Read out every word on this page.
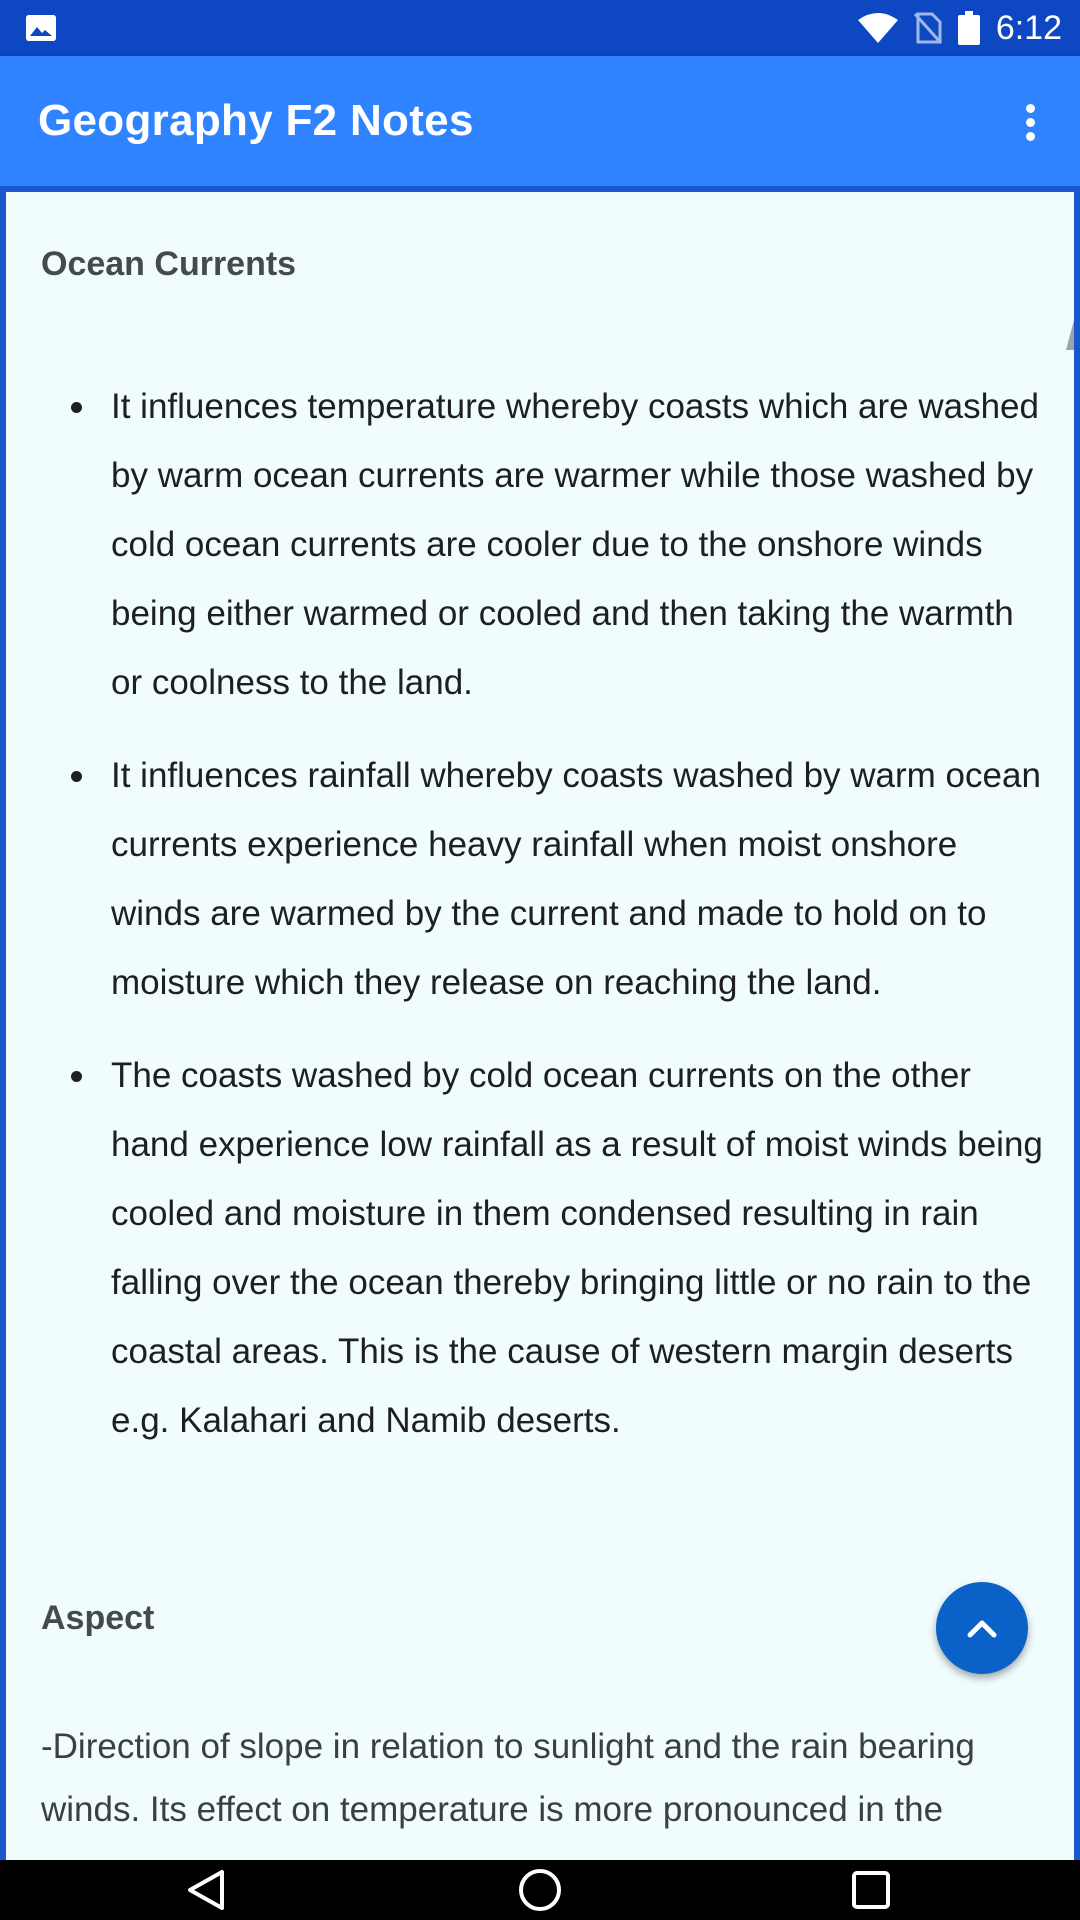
6:12
Geography F2 Notes
Ocean Currents
It influences temperature whereby coasts which are washed by warm ocean currents are warmer while those washed by cold ocean currents are cooler due to the onshore winds being either warmed or cooled and then taking the warmth or coolness to the land.
It influences rainfall whereby coasts washed by warm ocean currents experience heavy rainfall when moist onshore winds are warmed by the current and made to hold on to moisture which they release on reaching the land.
The coasts washed by cold ocean currents on the other hand experience low rainfall as a result of moist winds being cooled and moisture in them condensed resulting in rain falling over the ocean thereby bringing little or no rain to the coastal areas. This is the cause of western margin deserts e.g. Kalahari and Namib deserts.
Aspect
-Direction of slope in relation to sunlight and the rain bearing winds. Its effect on temperature is more pronounced in the
